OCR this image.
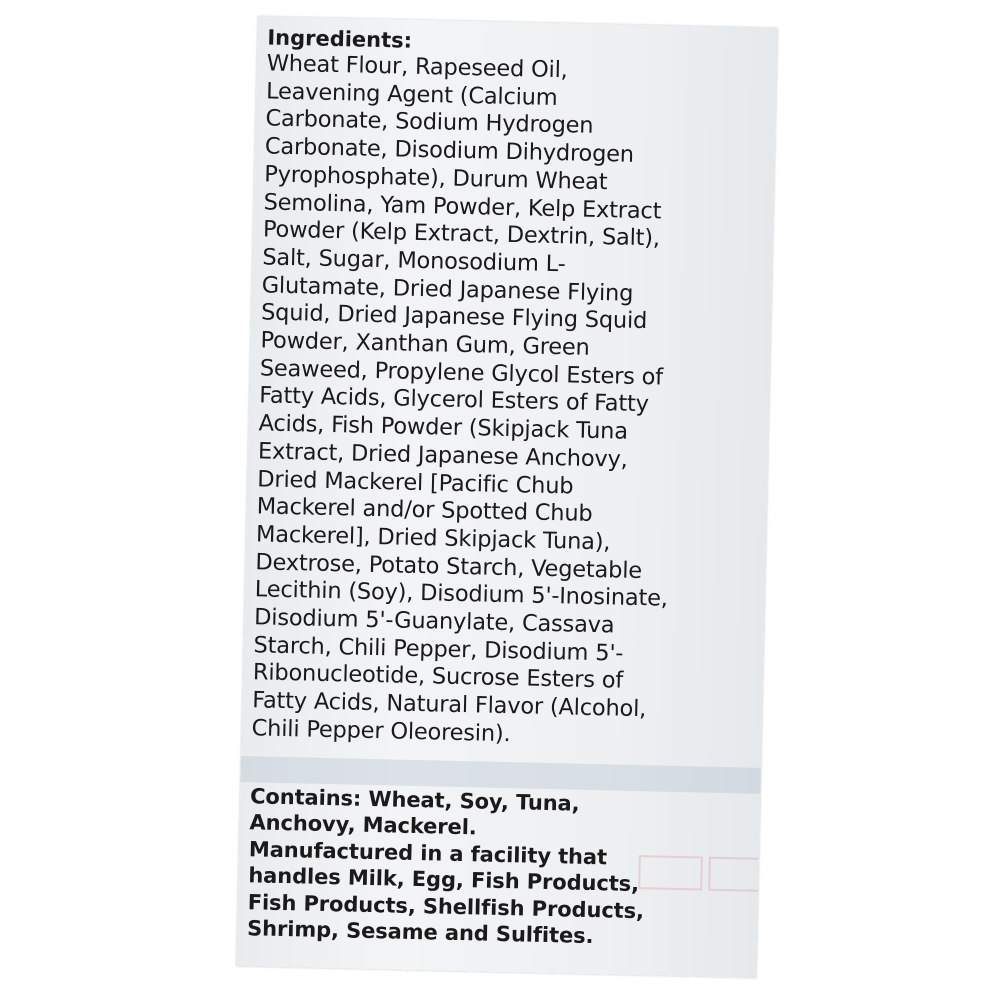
Ingredients:

Wheat Flour, Rapeseed Oil,

Leavening Agent (Calcium

Carbonate, Sodium Hydrogen

Carbonate, Disodium Dihydrogen

Pyrophosphate), Durum Wheat

Semolina, Yam Powder, Kelp Extract

Powder (Kelp Extract, Dextrin, Salt),

Salt, Sugar, Monosodium L-

Glutamate, Dried Japanese Flying

Squid, Dried Japanese Flying Squid

Powder, Xanthan Gum, Green

Seaweed, Propylene Glycol Esters of

Fatty Acids, Glycerol Esters of Fatty

Acids, Fish Powder (Skipjack Tuna

Extract, Dried Japanese Anchovy,

Dried Mackerel [Pacific Chub

Mackerel and/or Spotted Chub

Mackerel], Dried Skipjack Tuna),

Dextrose, Potato Starch, Vegetable

Lecithin (Soy), Disodium 5'-Inosinate,

Disodium 5'-Guanylate, Cassava

Starch, Chili Pepper, Disodium 5'-

Ribonucleotide, Sucrose Esters of

Fatty Acids, Natural Flavor (Alcohol,

Chili Pepper Oleoresin).

Contains: Wheat, Soy, Tuna,

Anchovy, Mackerel.

Manufactured in a facility that

handles Milk, Egg, Fish Products,

Fish Products, Shellfish Products,

Shrimp, Sesame and Sulfites.
